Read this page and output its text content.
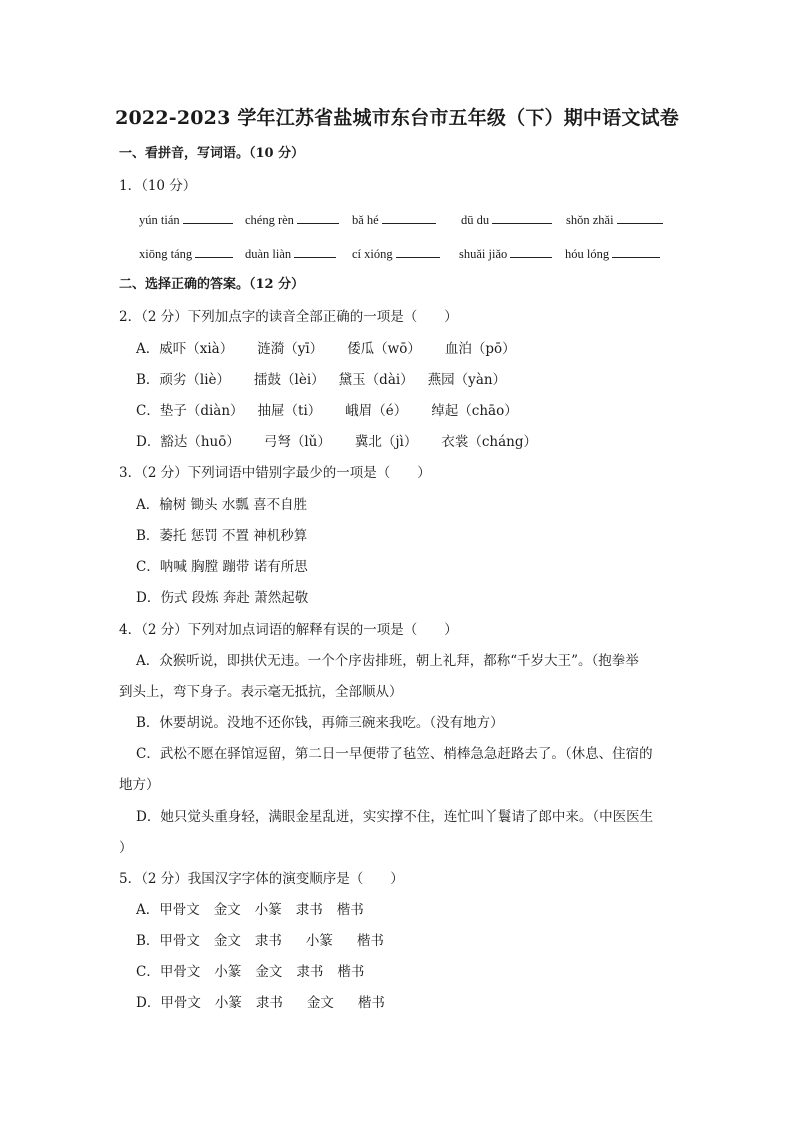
2022-2023 学年江苏省盐城市东台市五年级（下）期中语文试卷
一、看拼音，写词语。（10 分）
1．（10 分）
yún tián	chéng rèn	bǎ hé	dū du	shǒn zhǎi
xiōng táng	duàn liàn	cí xióng	shuǎi jiǎo	hóu lóng
二、选择正确的答案。（12 分）
2．（2 分）下列加点字的读音全部正确的一项是（　　）
A．威吓（xià） 涟漪（yī） 倭瓜（wō） 血泊（pō）
B．顽劣（liè） 擂鼓（lèi） 黛玉（dài） 燕园（yàn）
C．垫子（diàn） 抽屉（ti） 峨眉（é） 绰起（chāo）
D．豁达（huō） 弓弩（lǔ） 冀北（jì） 衣裳（cháng）
3．（2 分）下列词语中错别字最少的一项是（　　）
A．榆树 锄头 水瓢 喜不自胜
B．萎托 惩罚 不置 神机秒算
C．呐喊 胸膛 蹦带 诺有所思
D．伤式 段炼 奔赴 萧然起敬
4．（2 分）下列对加点词语的解释有误的一项是（　　）
A．众猴听说，即拱伏无违。一个个序齿排班，朝上礼拜，都称“千岁大王”。（抱拳举
到头上，弯下身子。表示毫无抵抗，全部顺从）
B．休要胡说。没地不还你钱，再筛三碗来我吃。（没有地方）
C．武松不愿在驿馆逗留，第二日一早便带了毡笠、梢棒急急赶路去了。（休息、住宿的
地方）
D．她只觉头重身轻，满眼金星乱迸，实实撑不住，连忙叫丫鬟请了郎中来。（中医医生
）
5．（2 分）我国汉字字体的演变顺序是（　　）
A．甲骨文 金文 小篆 隶书 楷书
B．甲骨文 金文 隶书 小篆 楷书
C．甲骨文 小篆 金文 隶书 楷书
D．甲骨文 小篆 隶书 金文 楷书
